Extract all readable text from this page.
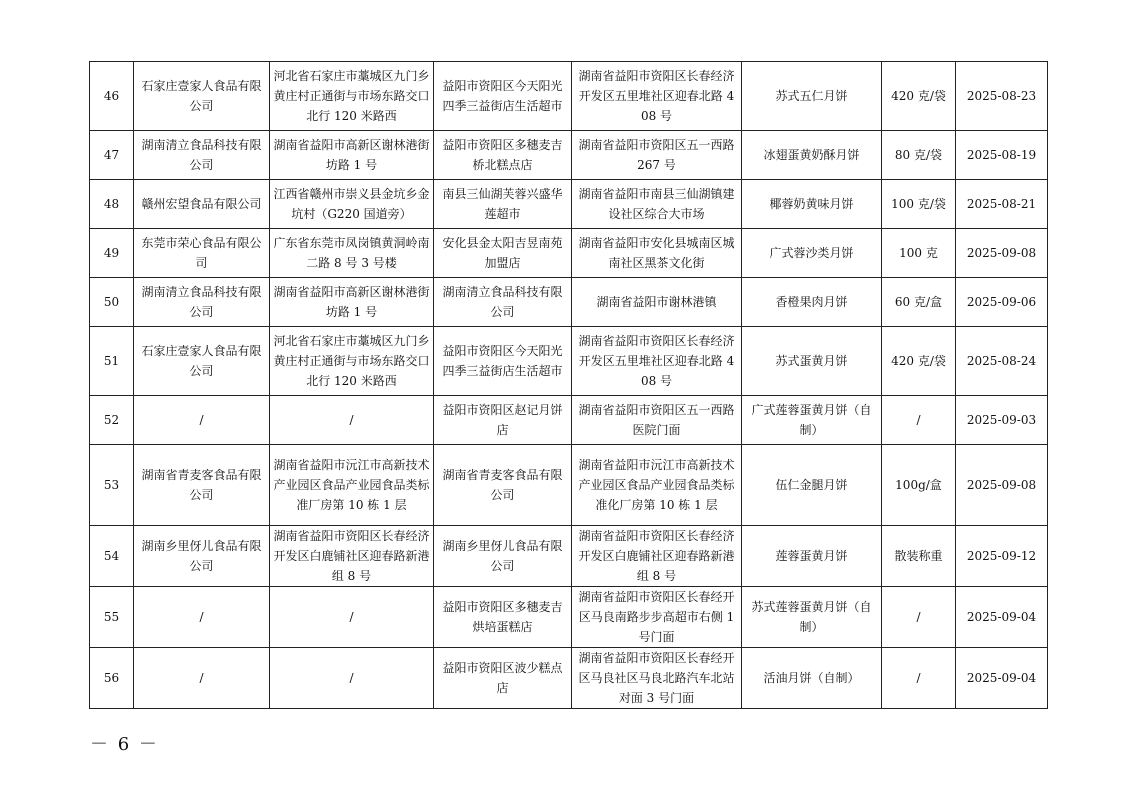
46	石家庄壹家人食品有限公司	河北省石家庄市藁城区九门乡黄庄村正通街与市场东路交口北行 120 米路西	益阳市资阳区今天阳光四季三益街店生活超市	湖南省益阳市资阳区长春经济开发区五里堆社区迎春北路 408 号	苏式五仁月饼	420 克/袋	2025-08-23
47	湖南清立食品科技有限公司	湖南省益阳市高新区谢林港街坊路 1 号	益阳市资阳区多穗麦吉桥北糕点店	湖南省益阳市资阳区五一西路 267 号	冰翅蛋黄奶酥月饼	80 克/袋	2025-08-19
48	赣州宏望食品有限公司	江西省赣州市崇义县金坑乡金坑村（G220 国道旁）	南县三仙湖芙蓉兴盛华莲超市	湖南省益阳市南县三仙湖镇建设社区综合大市场	椰蓉奶黄味月饼	100 克/袋	2025-08-21
49	东莞市荣心食品有限公司	广东省东莞市凤岗镇黄洞岭南二路 8 号 3 号楼	安化县金太阳吉昱南苑加盟店	湖南省益阳市安化县城南区城南社区黑茶文化街	广式蓉沙类月饼	100 克	2025-09-08
50	湖南清立食品科技有限公司	湖南省益阳市高新区谢林港街坊路 1 号	湖南清立食品科技有限公司	湖南省益阳市谢林港镇	香橙果肉月饼	60 克/盒	2025-09-06
51	石家庄壹家人食品有限公司	河北省石家庄市藁城区九门乡黄庄村正通街与市场东路交口北行 120 米路西	益阳市资阳区今天阳光四季三益街店生活超市	湖南省益阳市资阳区长春经济开发区五里堆社区迎春北路 408 号	苏式蛋黄月饼	420 克/袋	2025-08-24
52	/	/	益阳市资阳区赵记月饼店	湖南省益阳市资阳区五一西路医院门面	广式莲蓉蛋黄月饼（自制）	/	2025-09-03
53	湖南省青麦客食品有限公司	湖南省益阳市沅江市高新技术产业园区食品产业园食品类标准厂房第 10 栋 1 层	湖南省青麦客食品有限公司	湖南省益阳市沅江市高新技术产业园区食品产业园食品类标准化厂房第 10 栋 1 层	伍仁金腿月饼	100g/盒	2025-09-08
54	湖南乡里伢儿食品有限公司	湖南省益阳市资阳区长春经济开发区白鹿铺社区迎春路新港组 8 号	湖南乡里伢儿食品有限公司	湖南省益阳市资阳区长春经济开发区白鹿铺社区迎春路新港组 8 号	莲蓉蛋黄月饼	散装称重	2025-09-12
55	/	/	益阳市资阳区多穗麦吉烘培蛋糕店	湖南省益阳市资阳区长春经开区马良南路步步高超市右侧 1 号门面	苏式莲蓉蛋黄月饼（自制）	/	2025-09-04
56	/	/	益阳市资阳区波少糕点店	湖南省益阳市资阳区长春经开区马良社区马良北路汽车北站对面 3 号门面	活油月饼（自制）	/	2025-09-04
－ 6 －
